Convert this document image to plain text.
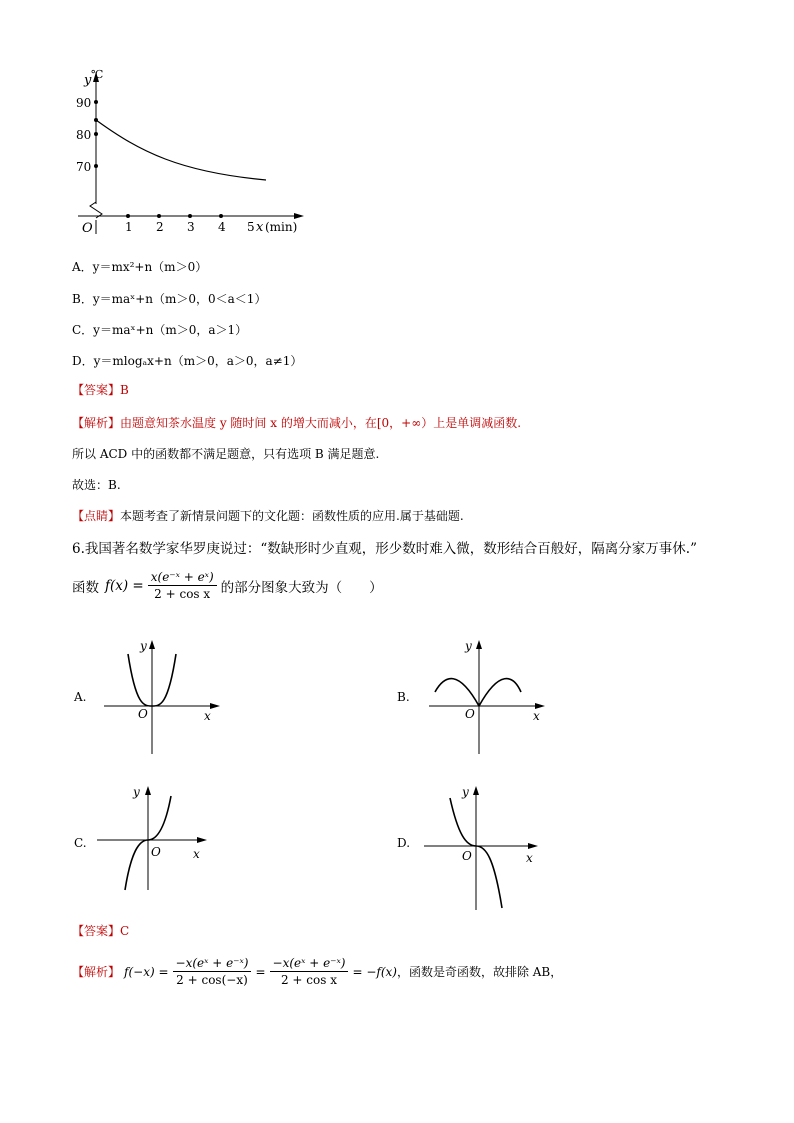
y ℃
90
80
70
O	1 2 3 4 5 x (min)
A．y＝mx²+n（m＞0）
B．y＝maˣ+n（m＞0，0＜a＜1）
C．y＝maˣ+n（m＞0，a＞1）
D．y＝mlogₐx+n（m＞0，a＞0，a≠1）
【答案】B
【解析】由题意知茶水温度 y 随时间 x 的增大而减小，在[0，+∞）上是单调减函数.
所以 ACD 中的函数都不满足题意，只有选项 B 满足题意.
故选：B.
【点睛】本题考查了新情景问题下的文化题：函数性质的应用.属于基础题.
6.我国著名数学家华罗庚说过：“数缺形时少直观，形少数时难入微，数形结合百般好，隔离分家万事休.”
函数 $f(x) = \frac{\text{x(e⁻ˣ + eˣ)}}{\text{2 + cos x}}$ 的部分图象大致为（　　）
A.	B.
C.	D.
y
O	x
y
O	x
y
O	x
y
O	x
【答案】C
【解析】 $f(-x) = \frac{\text{−x(eˣ + e⁻ˣ)}}{2 + \cos(-x)} = \frac{\text{−x(eˣ + e⁻ˣ)}}{\text{2 + cos x}} = -f(x)$ ，函数是奇函数，故排除 AB，
